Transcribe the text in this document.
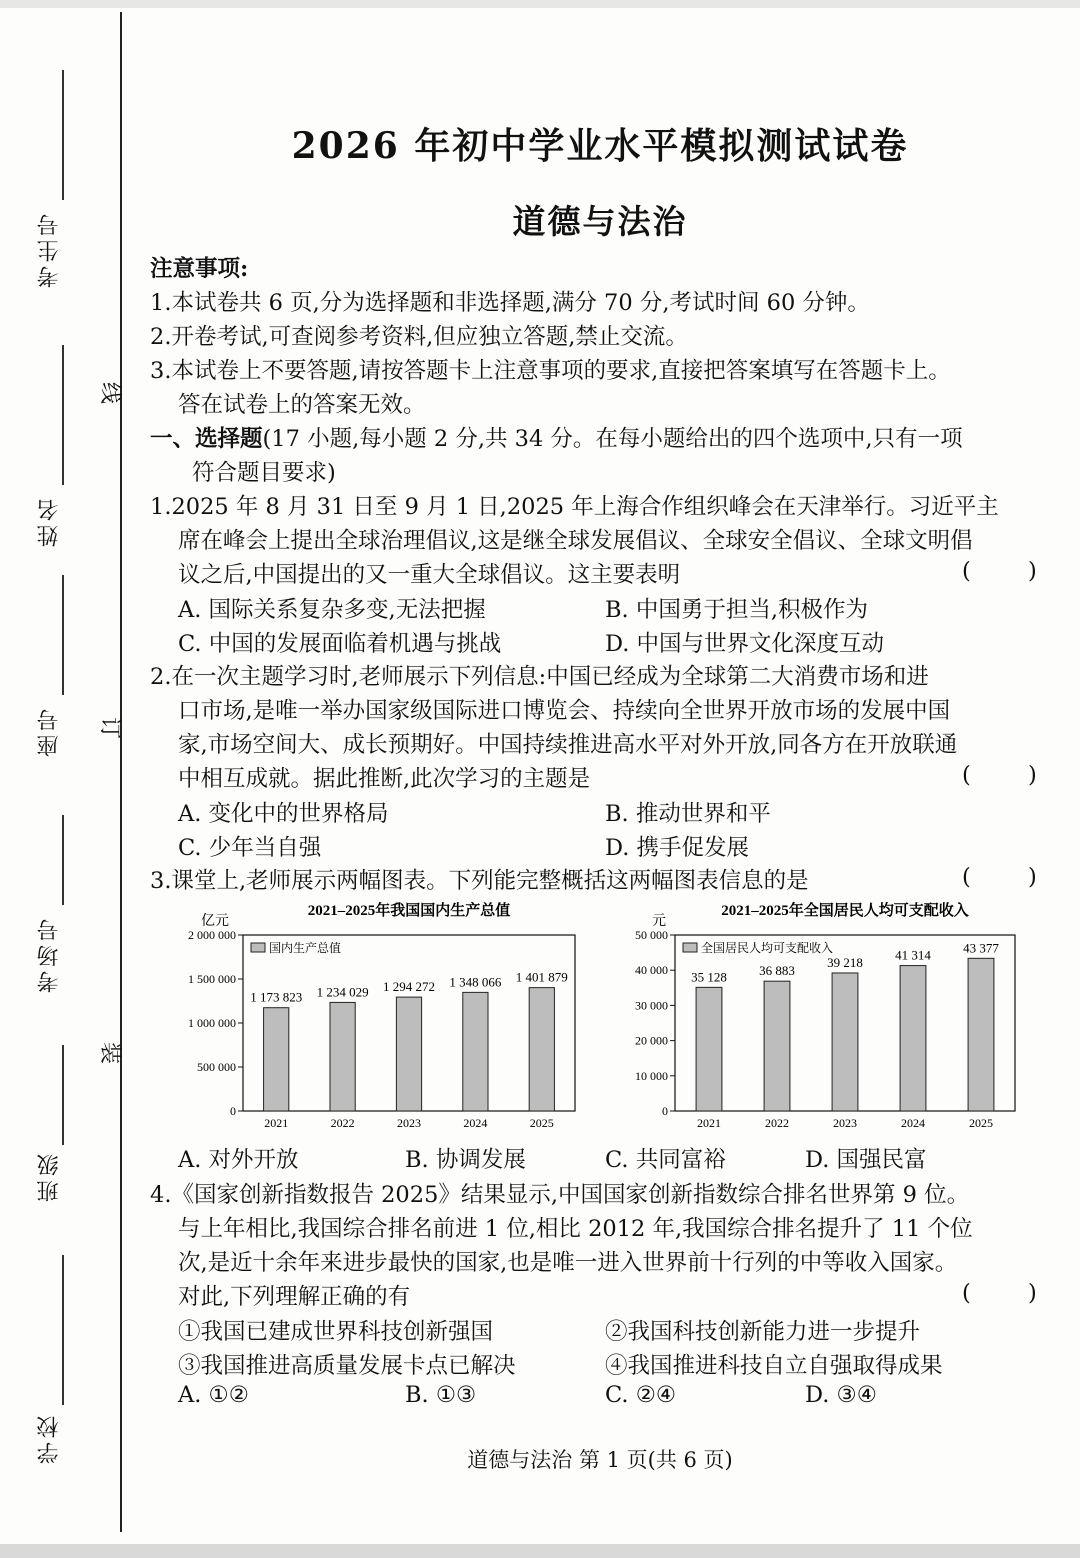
考生号
姓名
座号
考场号
班级
学校
线
订
装
2026 年初中学业水平模拟测试试卷
道德与法治
注意事项:
1.本试卷共 6 页,分为选择题和非选择题,满分 70 分,考试时间 60 分钟。
2.开卷考试,可查阅参考资料,但应独立答题,禁止交流。
3.本试卷上不要答题,请按答题卡上注意事项的要求,直接把答案填写在答题卡上。
答在试卷上的答案无效。
一、选择题(17 小题,每小题 2 分,共 34 分。在每小题给出的四个选项中,只有一项
符合题目要求)
1.2025 年 8 月 31 日至 9 月 1 日,2025 年上海合作组织峰会在天津举行。习近平主
席在峰会上提出全球治理倡议,这是继全球发展倡议、全球安全倡议、全球文明倡
议之后,中国提出的又一重大全球倡议。这主要表明	(        )
A. 国际关系复杂多变,无法把握	B. 中国勇于担当,积极作为
C. 中国的发展面临着机遇与挑战	D. 中国与世界文化深度互动
2.在一次主题学习时,老师展示下列信息:中国已经成为全球第二大消费市场和进
口市场,是唯一举办国家级国际进口博览会、持续向全世界开放市场的发展中国
家,市场空间大、成长预期好。中国持续推进高水平对外开放,同各方在开放联通
中相互成就。据此推断,此次学习的主题是	(        )
A. 变化中的世界格局	B. 推动世界和平
C. 少年当自强	D. 携手促发展
3.课堂上,老师展示两幅图表。下列能完整概括这两幅图表信息的是	(        )
2021–2025年我国国内生产总值
亿元
0
500 000
1 000 000
1 500 000
2 000 000
1 173 823
2021
1 234 029
2022
1 294 272
2023
1 348 066
2024
1 401 879
2025
国内生产总值
2021–2025年全国居民人均可支配收入
元
0
10 000
20 000
30 000
40 000
50 000
35 128
2021
36 883
2022
39 218
2023
41 314
2024
43 377
2025
全国居民人均可支配收入
A. 对外开放	B. 协调发展	C. 共同富裕	D. 国强民富
4.《国家创新指数报告 2025》结果显示,中国国家创新指数综合排名世界第 9 位。
与上年相比,我国综合排名前进 1 位,相比 2012 年,我国综合排名提升了 11 个位
次,是近十余年来进步最快的国家,也是唯一进入世界前十行列的中等收入国家。
对此,下列理解正确的有	(        )
①我国已建成世界科技创新强国	②我国科技创新能力进一步提升
③我国推进高质量发展卡点已解决	④我国推进科技自立自强取得成果
A. ①②	B. ①③	C. ②④	D. ③④
道德与法治 第 1 页(共 6 页)
